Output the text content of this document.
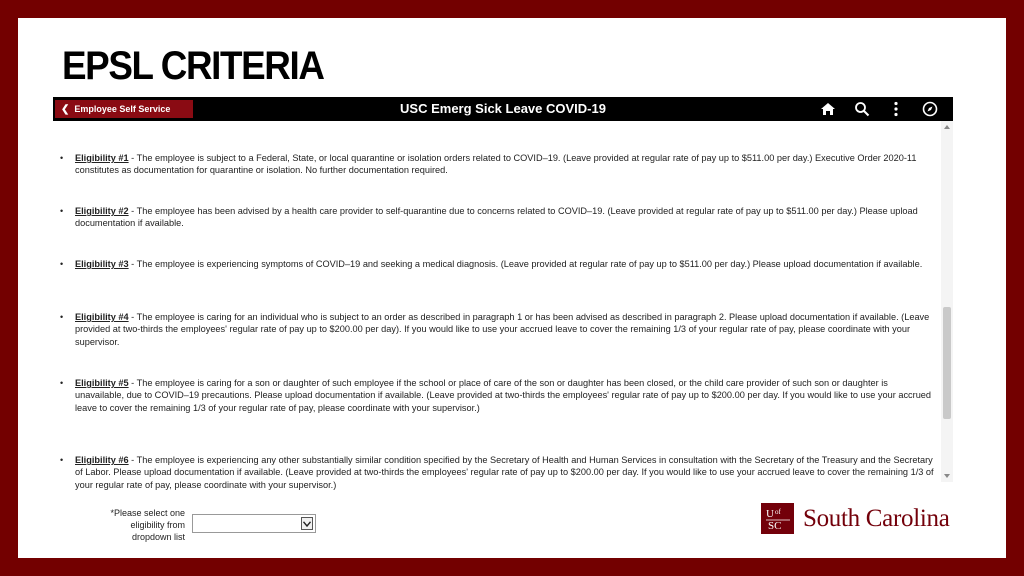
EPSL CRITERIA
❮ Employee Self Service	USC Emerg Sick Leave COVID-19
• Eligibility #1 - The employee is subject to a Federal, State, or local quarantine or isolation orders related to COVID–19. (Leave provided at regular rate of pay up to $511.00 per day.) Executive Order 2020-11 constitutes as documentation for quarantine or isolation. No further documentation required.
• Eligibility #2 - The employee has been advised by a health care provider to self-quarantine due to concerns related to COVID–19. (Leave provided at regular rate of pay up to $511.00 per day.) Please upload documentation if available.
• Eligibility #3 - The employee is experiencing symptoms of COVID–19 and seeking a medical diagnosis. (Leave provided at regular rate of pay up to $511.00 per day.) Please upload documentation if available.
• Eligibility #4 - The employee is caring for an individual who is subject to an order as described in paragraph 1 or has been advised as described in paragraph 2. Please upload documentation if available. (Leave provided at two-thirds the employees' regular rate of pay up to $200.00 per day). If you would like to use your accrued leave to cover the remaining 1/3 of your regular rate of pay, please coordinate with your supervisor.
• Eligibility #5 - The employee is caring for a son or daughter of such employee if the school or place of care of the son or daughter has been closed, or the child care provider of such son or daughter is unavailable, due to COVID–19 precautions. Please upload documentation if available. (Leave provided at two-thirds the employees' regular rate of pay up to $200.00 per day. If you would like to use your accrued leave to cover the remaining 1/3 of your regular rate of pay, please coordinate with your supervisor.)
• Eligibility #6 - The employee is experiencing any other substantially similar condition specified by the Secretary of Health and Human Services in consultation with the Secretary of the Treasury and the Secretary of Labor. Please upload documentation if available. (Leave provided at two-thirds the employees' regular rate of pay up to $200.00 per day. If you would like to use your accrued leave to cover the remaining 1/3 of your regular rate of pay, please coordinate with your supervisor.)
*Please select one eligibility from dropdown list
U of
SC South Carolina
